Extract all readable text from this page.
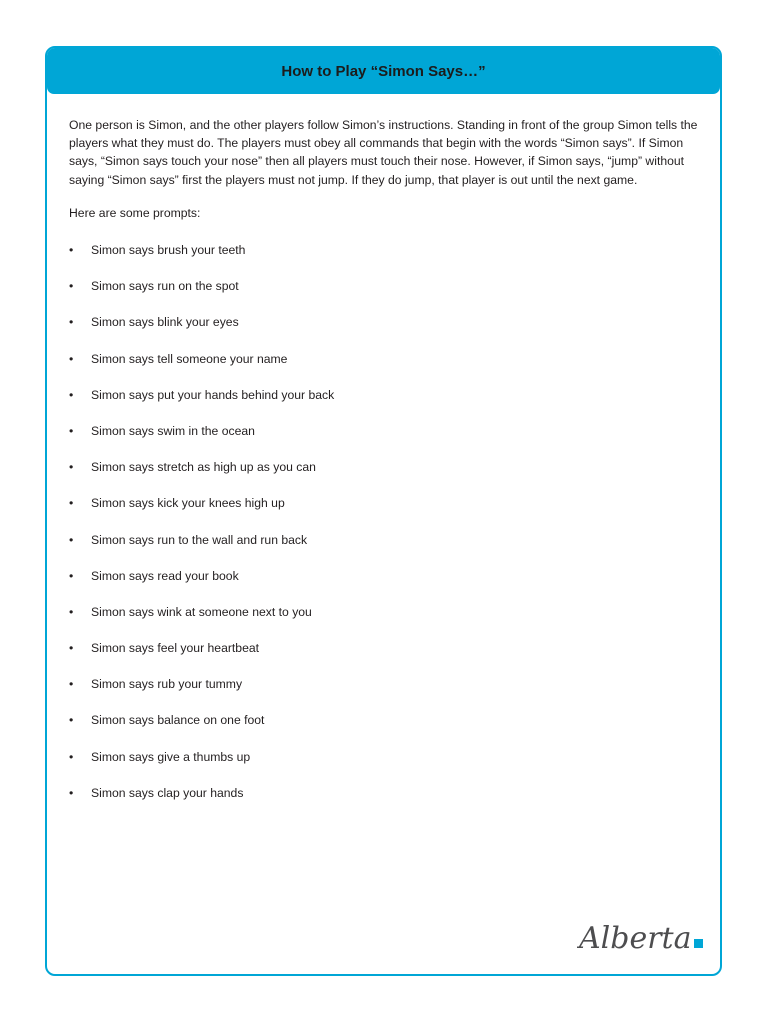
How to Play “Simon Says…”

One person is Simon, and the other players follow Simon’s instructions. Standing in front of the group Simon tells the players what they must do. The players must obey all commands that begin with the words “Simon says”. If Simon says, “Simon says touch your nose” then all players must touch their nose. However, if Simon says, “jump” without saying “Simon says” first the players must not jump. If they do jump, that player is out until the next game.

Here are some prompts:
•	Simon says brush your teeth
•	Simon says run on the spot
•	Simon says blink your eyes
•	Simon says tell someone your name
•	Simon says put your hands behind your back
•	Simon says swim in the ocean
•	Simon says stretch as high up as you can
•	Simon says kick your knees high up
•	Simon says run to the wall and run back
•	Simon says read your book
•	Simon says wink at someone next to you
•	Simon says feel your heartbeat
•	Simon says rub your tummy
•	Simon says balance on one foot
•	Simon says give a thumbs up
•	Simon says clap your hands
Alberta
